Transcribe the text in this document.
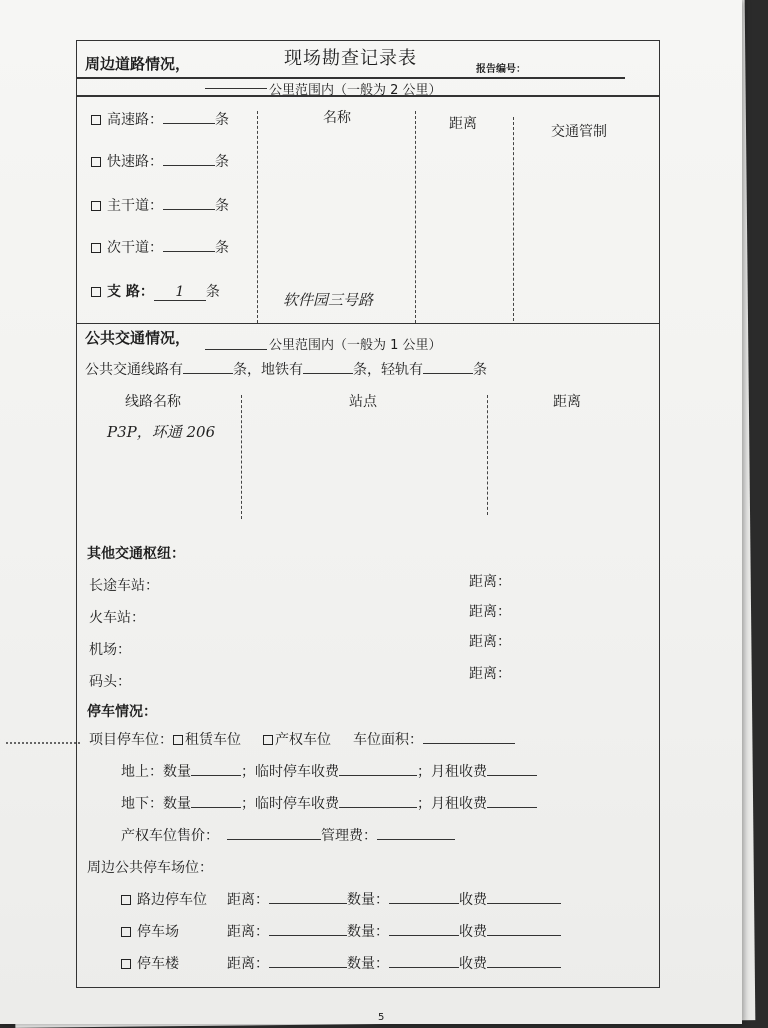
现场勘查记录表
报告编号：
周边道路情况，
公里范围内（一般为 2 公里）
名称	距离	交通管制
高速路：	条
快速路：	条
主干道：	条
次干道：	条
支 路： 1 条	软件园三号路
公共交通情况，	公里范围内（一般为 1 公里）
公共交通线路有	条，地铁有	条，轻轨有	条
线路名称	站点	距离
P3P，环通 206
其他交通枢纽：
长途车站：	距离：
火车站：	距离：
机场：	距离：
码头：	距离：
停车情况：
项目停车位： 租赁车位 产权车位 车位面积：
地上：数量	；临时停车收费	；月租收费
地下：数量	；临时停车收费	；月租收费
产权车位售价：	管理费：
周边公共停车场位：
路边停车位 距离：	数量：	收费
停车场	距离：	数量：	收费
停车楼	距离：	数量：	收费
5
